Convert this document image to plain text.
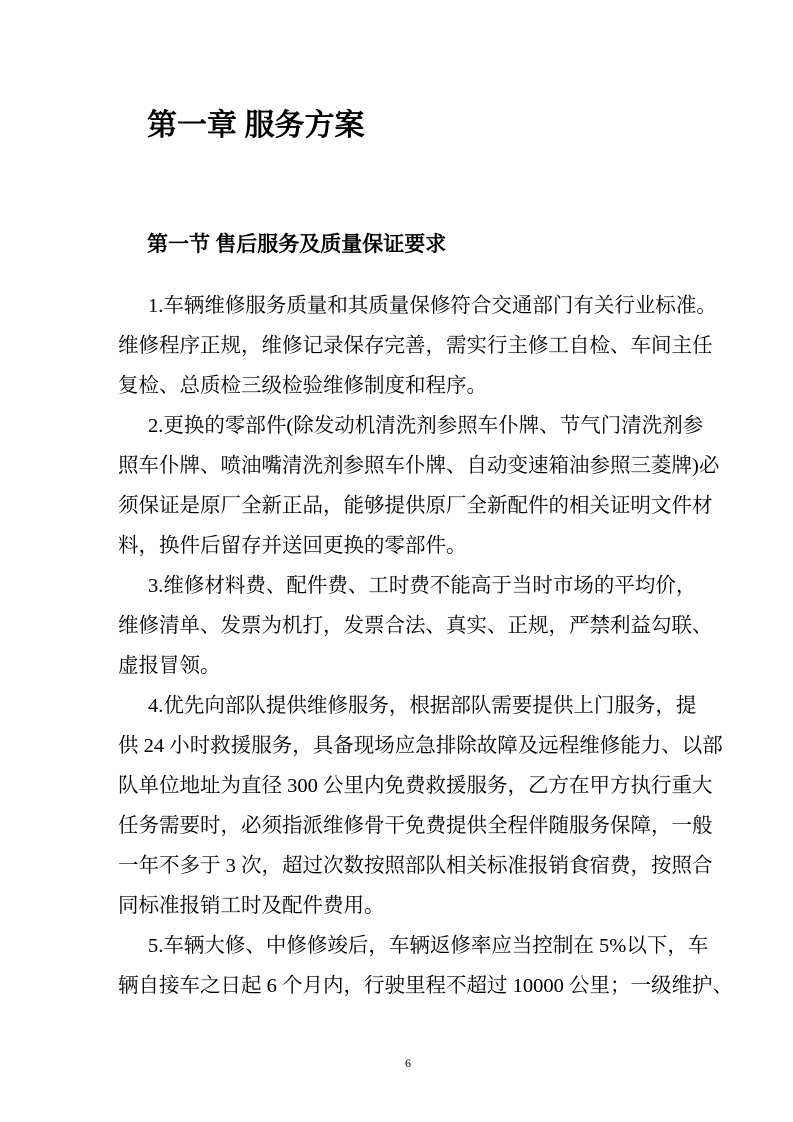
第一章 服务方案
第一节 售后服务及质量保证要求
1.车辆维修服务质量和其质量保修符合交通部门有关行业标准。
维修程序正规，维修记录保存完善，需实行主修工自检、车间主任
复检、总质检三级检验维修制度和程序。
2.更换的零部件(除发动机清洗剂参照车仆牌、节气门清洗剂参
照车仆牌、喷油嘴清洗剂参照车仆牌、自动变速箱油参照三菱牌)必
须保证是原厂全新正品，能够提供原厂全新配件的相关证明文件材
料，换件后留存并送回更换的零部件。
3.维修材料费、配件费、工时费不能高于当时市场的平均价，
维修清单、发票为机打，发票合法、真实、正规，严禁利益勾联、
虚报冒领。
4.优先向部队提供维修服务，根据部队需要提供上门服务，提
供 24 小时救援服务，具备现场应急排除故障及远程维修能力、以部
队单位地址为直径 300 公里内免费救援服务，乙方在甲方执行重大
任务需要时，必须指派维修骨干免费提供全程伴随服务保障，一般
一年不多于 3 次，超过次数按照部队相关标准报销食宿费，按照合
同标准报销工时及配件费用。
5.车辆大修、中修修竣后，车辆返修率应当控制在 5%以下，车
辆自接车之日起 6 个月内，行驶里程不超过 10000 公里；一级维护、
6
